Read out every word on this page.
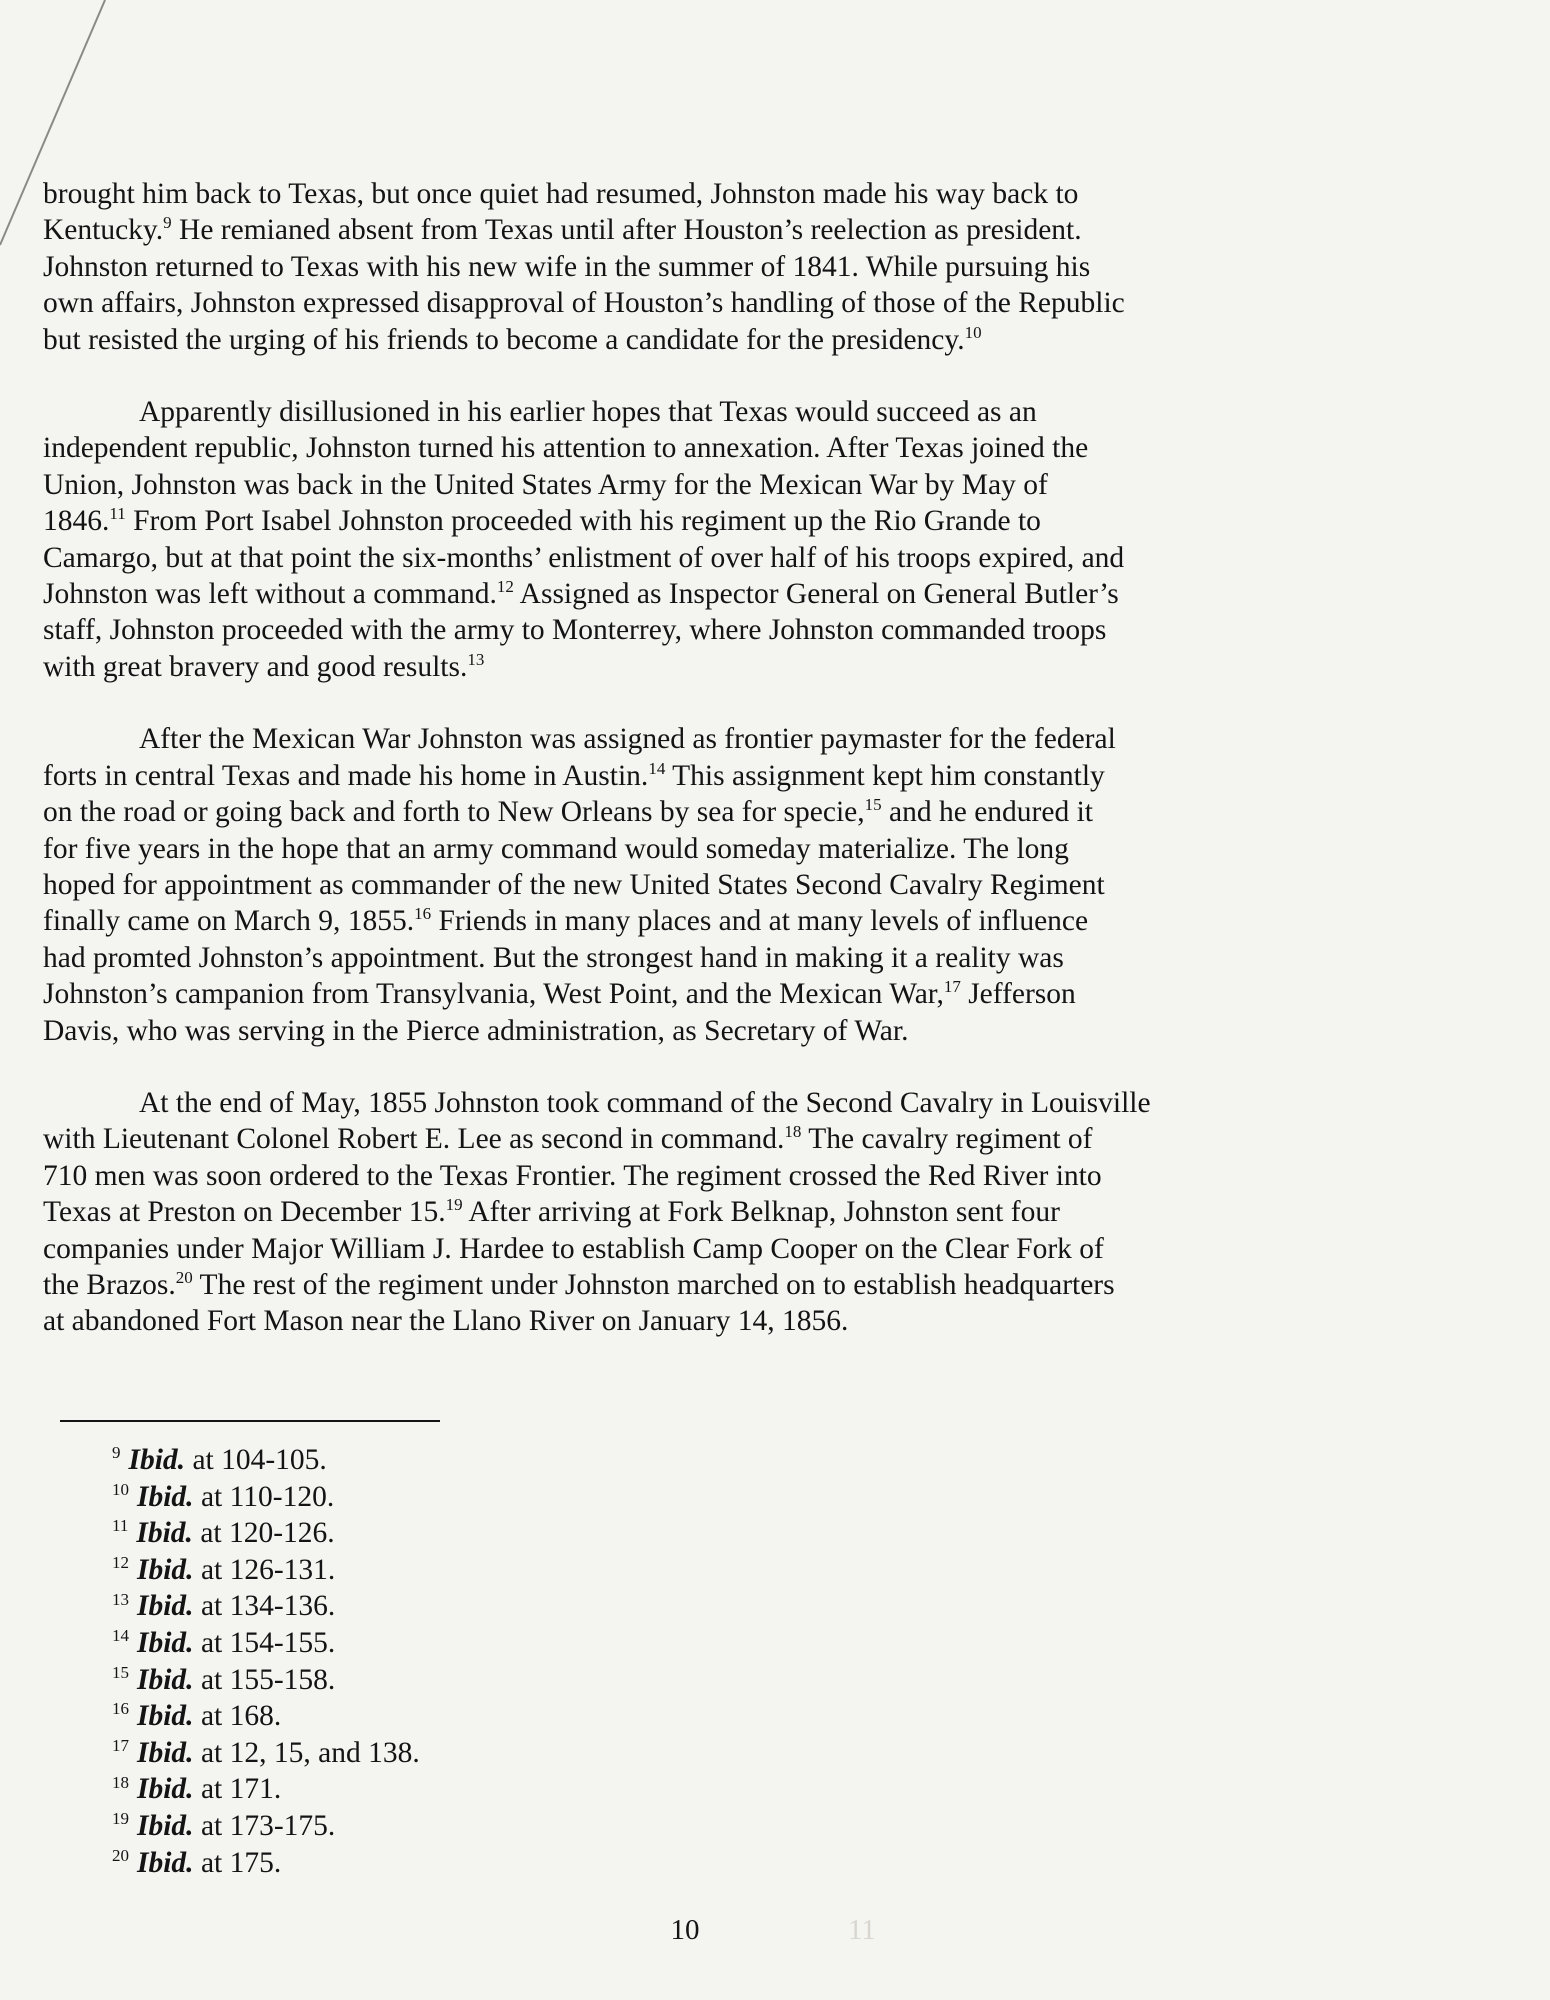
brought him back to Texas, but once quiet had resumed, Johnston made his way back to
Kentucky.$^9$ He remianed absent from Texas until after Houston’s reelection as president.
Johnston returned to Texas with his new wife in the summer of 1841. While pursuing his
own affairs, Johnston expressed disapproval of Houston’s handling of those of the Republic
but resisted the urging of his friends to become a candidate for the presidency.$^{10}$
Apparently disillusioned in his earlier hopes that Texas would succeed as an
independent republic, Johnston turned his attention to annexation. After Texas joined the
Union, Johnston was back in the United States Army for the Mexican War by May of
1846.11 From Port Isabel Johnston proceeded with his regiment up the Rio Grande to
Camargo, but at that point the six-months’ enlistment of over half of his troops expired, and
Johnston was left without a command.$^{12}$ Assigned as Inspector General on General Butler’s
staff, Johnston proceeded with the army to Monterrey, where Johnston commanded troops
with great bravery and good results.$^{13}$
After the Mexican War Johnston was assigned as frontier paymaster for the federal
forts in central Texas and made his home in Austin.$^{14}$ This assignment kept him constantly
on the road or going back and forth to New Orleans by sea for specie,$^{15}$ and he endured it
for five years in the hope that an army command would someday materialize. The long
hoped for appointment as commander of the new United States Second Cavalry Regiment
finally came on March 9, 1855.16 Friends in many places and at many levels of influence
had promted Johnston’s appointment. But the strongest hand in making it a reality was
Johnston’s campanion from Transylvania, West Point, and the Mexican War,$^{17}$ Jefferson
Davis, who was serving in the Pierce administration, as Secretary of War.
At the end of May, 1855 Johnston took command of the Second Cavalry in Louisville
with Lieutenant Colonel Robert E. Lee as second in command.$^{18}$ The cavalry regiment of
710 men was soon ordered to the Texas Frontier. The regiment crossed the Red River into
Texas at Preston on December 15.19 After arriving at Fork Belknap, Johnston sent four
companies under Major William J. Hardee to establish Camp Cooper on the Clear Fork of
the Brazos.$^{20}$ The rest of the regiment under Johnston marched on to establish headquarters
at abandoned Fort Mason near the Llano River on January 14, 1856.
9 Ibid. at 104-105.
10 Ibid. at 110-120.
11 Ibid. at 120-126.
12 Ibid. at 126-131.
13 Ibid. at 134-136.
14 Ibid. at 154-155.
15 Ibid. at 155-158.
16 Ibid. at 168.
17 Ibid. at 12, 15, and 138.
18 Ibid. at 171.
19 Ibid. at 173-175.
20 Ibid. at 175.
10	11
